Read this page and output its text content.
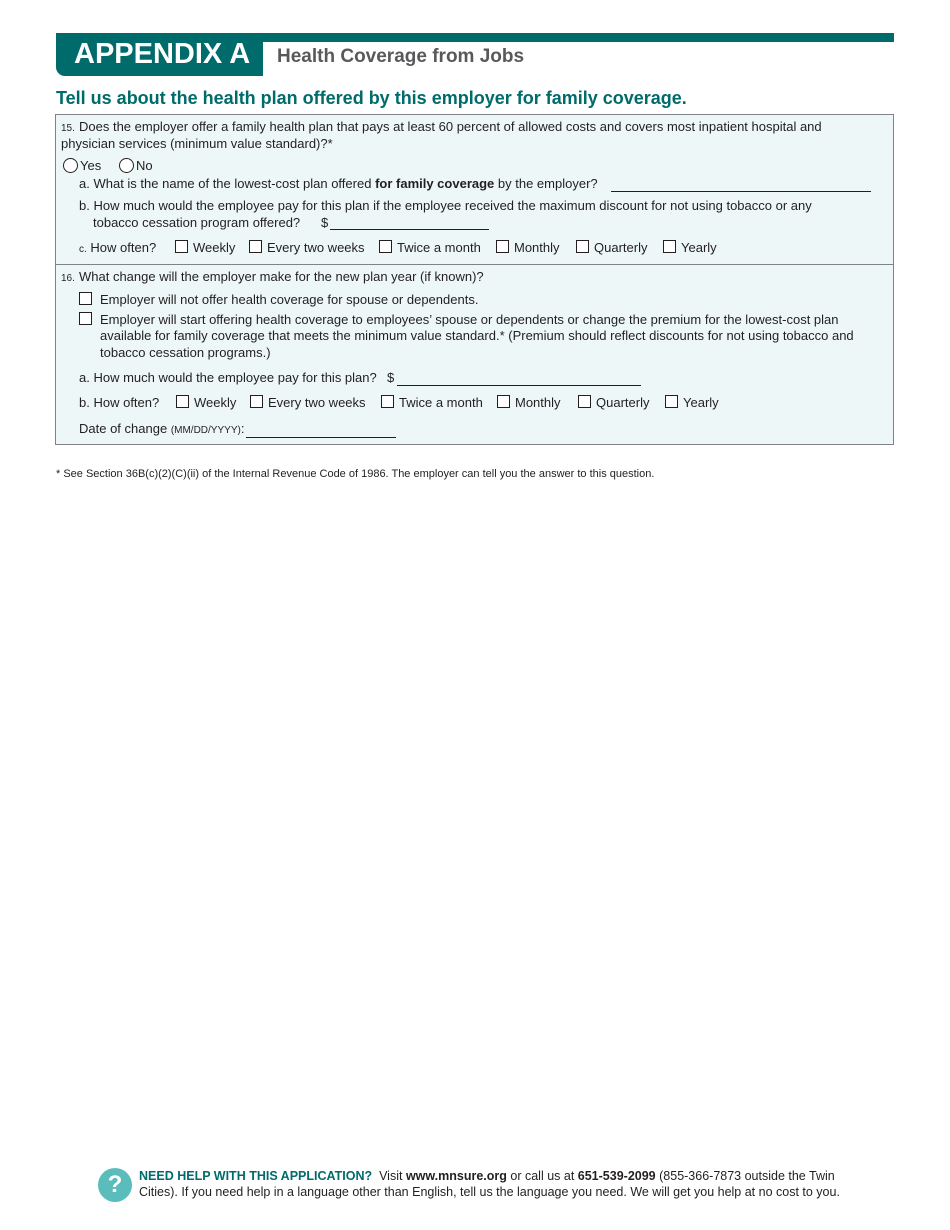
APPENDIX A	Health Coverage from Jobs
Tell us about the health plan offered by this employer for family coverage.
15. Does the employer offer a family health plan that pays at least 60 percent of allowed costs and covers most inpatient hospital and
physician services (minimum value standard)?*
Yes	No
a. What is the name of the lowest-cost plan offered for family coverage by the employer?
b. How much would the employee pay for this plan if the employee received the maximum discount for not using tobacco or any
tobacco cessation program offered? $
c. How often?	Weekly Every two weeks Twice a month	Monthly	Quarterly	Yearly
16. What change will the employer make for the new plan year (if known)?
Employer will not offer health coverage for spouse or dependents.
Employer will start offering health coverage to employees’ spouse or dependents or change the premium for the lowest-cost plan
available for family coverage that meets the minimum value standard.* (Premium should reflect discounts for not using tobacco and
tobacco cessation programs.)
a. How much would the employee pay for this plan? $
b. How often?	Weekly Every two weeks	Twice a month Monthly	Quarterly	Yearly
Date of change (MM/DD/YYYY):
* See Section 36B(c)(2)(C)(ii) of the Internal Revenue Code of 1986. The employer can tell you the answer to this question.
?	NEED HELP WITH THIS APPLICATION? Visit www.mnsure.org or call us at 651-539-2099 (855-366-7873 outside the Twin
Cities). If you need help in a language other than English, tell us the language you need. We will get you help at no cost to you.
